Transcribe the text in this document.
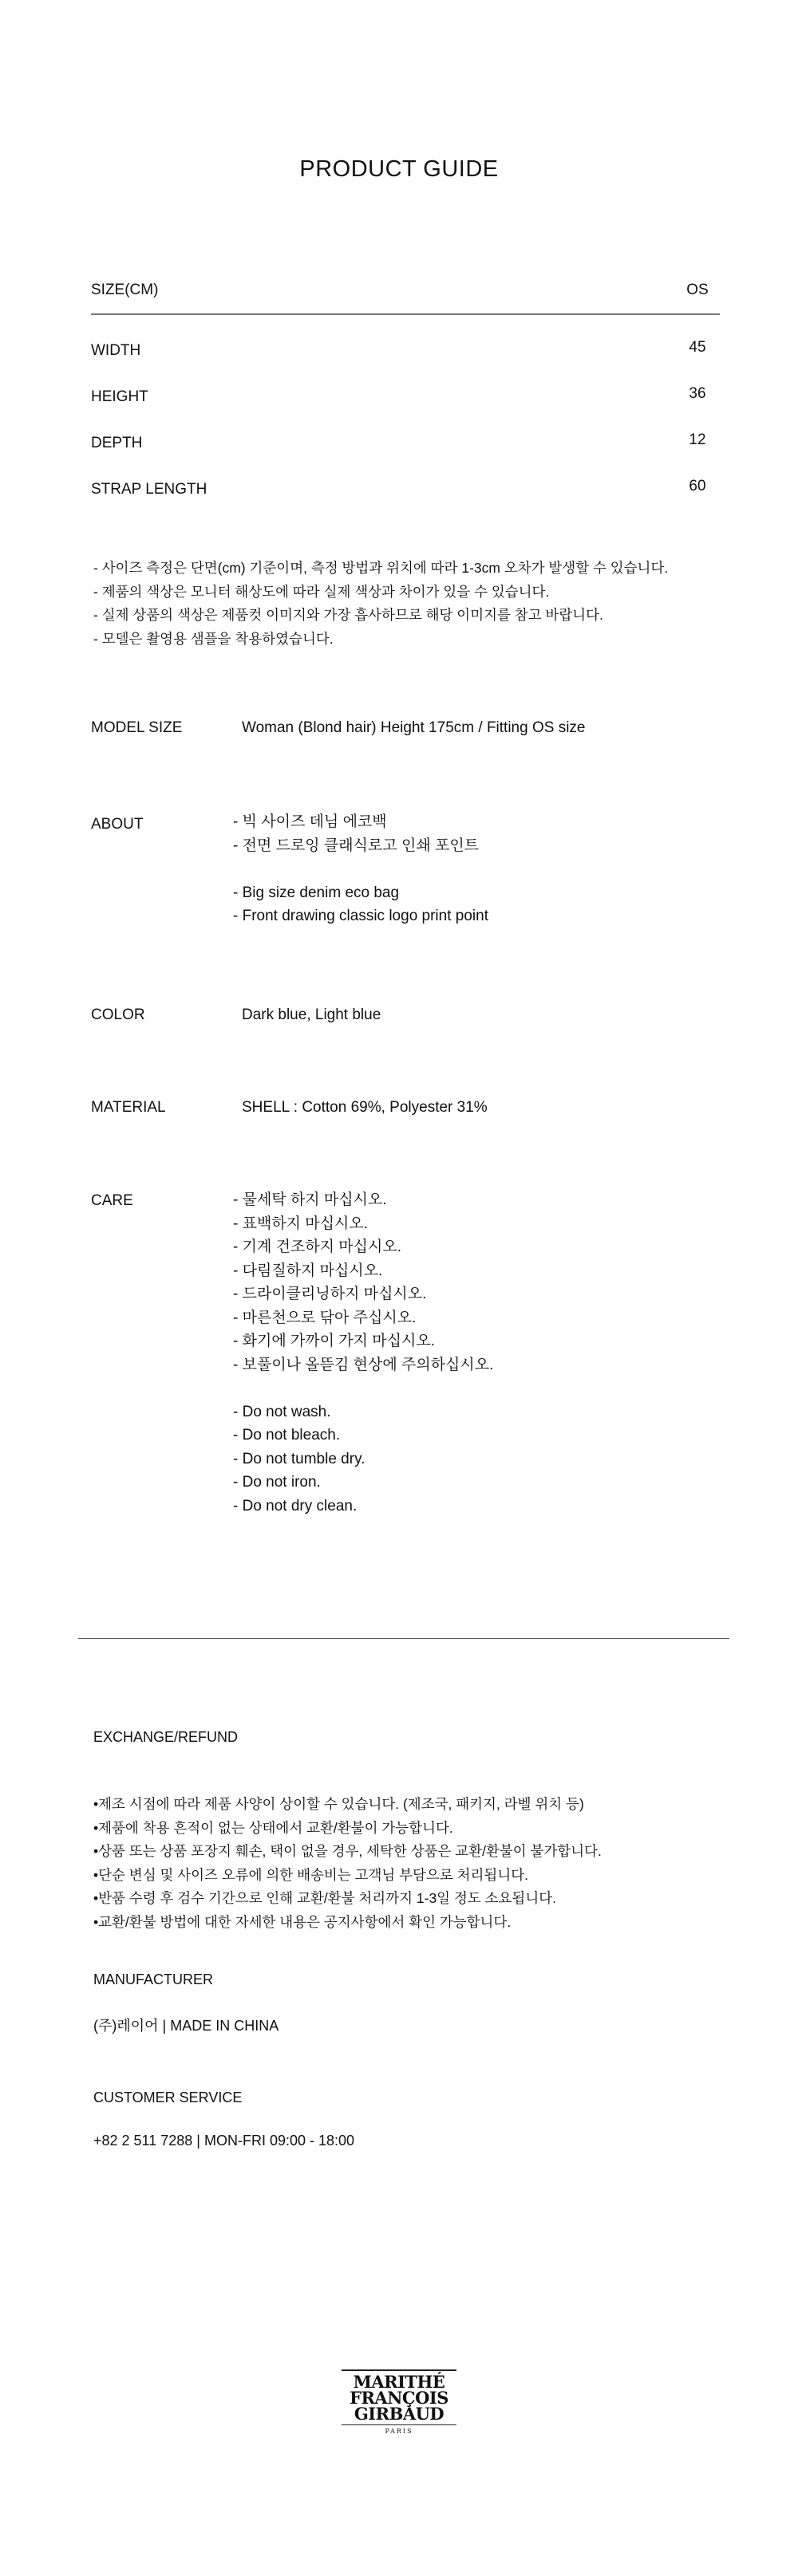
PRODUCT GUIDE
SIZE(CM)	OS
WIDTH	45
HEIGHT	36
DEPTH	12
STRAP LENGTH	60
- 사이즈 측정은 단면(cm) 기준이며, 측정 방법과 위치에 따라 1-3cm 오차가 발생할 수 있습니다.
- 제품의 색상은 모니터 해상도에 따라 실제 색상과 차이가 있을 수 있습니다.
- 실제 상품의 색상은 제품컷 이미지와 가장 흡사하므로 해당 이미지를 참고 바랍니다.
- 모델은 촬영용 샘플을 착용하였습니다.
MODEL SIZE	Woman (Blond hair) Height 175cm / Fitting OS size
ABOUT	- 빅 사이즈 데님 에코백
- 전면 드로잉 클래식로고 인쇄 포인트
- Big size denim eco bag
- Front drawing classic logo print point
COLOR	Dark blue, Light blue
MATERIAL	SHELL : Cotton 69%, Polyester 31%
CARE	- 물세탁 하지 마십시오.
- 표백하지 마십시오.
- 기계 건조하지 마십시오.
- 다림질하지 마십시오.
- 드라이클리닝하지 마십시오.
- 마른천으로 닦아 주십시오.
- 화기에 가까이 가지 마십시오.
- 보풀이나 올뜯김 현상에 주의하십시오.
- Do not wash.
- Do not bleach.
- Do not tumble dry.
- Do not iron.
- Do not dry clean.
EXCHANGE/REFUND
•제조 시점에 따라 제품 사양이 상이할 수 있습니다. (제조국, 패키지, 라벨 위치 등)
•제품에 착용 흔적이 없는 상태에서 교환/환불이 가능합니다.
•상품 또는 상품 포장지 훼손, 택이 없을 경우, 세탁한 상품은 교환/환불이 불가합니다.
•단순 변심 및 사이즈 오류에 의한 배송비는 고객님 부담으로 처리됩니다.
•반품 수령 후 검수 기간으로 인해 교환/환불 처리까지 1-3일 정도 소요됩니다.
•교환/환불 방법에 대한 자세한 내용은 공지사항에서 확인 가능합니다.
MANUFACTURER
(주)레이어 | MADE IN CHINA
CUSTOMER SERVICE
+82 2 511 7288 | MON-FRI 09:00 - 18:00
MARITHÉ
FRANÇOIS
GIRBAUD
PARIS
